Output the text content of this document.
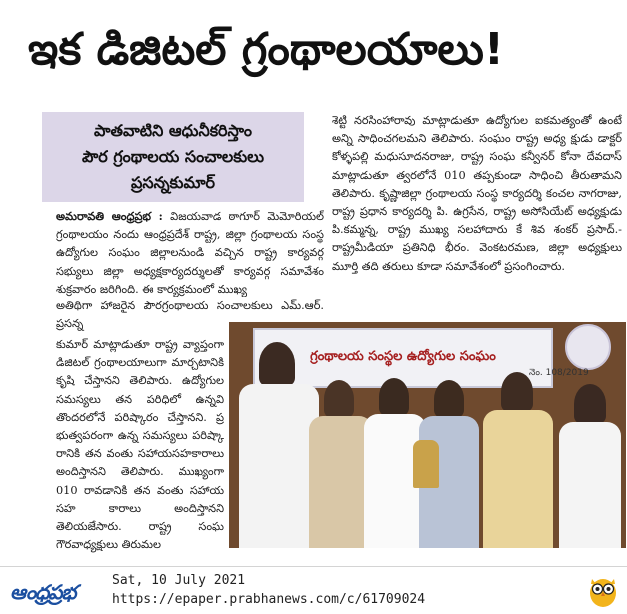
ఇక డిజిటల్ గ్రంథాలయాలు!
పాతవాటిని ఆధునీకరిస్తాం
పౌర గ్రంథాలయ సంచాలకులు
ప్రసన్నకుమార్

అమరావతి ఆంధ్రప్రభ : విజయవాడ ఠాగూర్ మెమోరియల్ గ్రంథాలయం నందు ఆంధ్రప్రదేశ్ రాష్ట్ర, జిల్లా గ్రంథాలయ సంస్థ ఉద్యోగుల సంఘం జిల్లాలనుండి వచ్చిన రాష్ట్ర కార్యవర్గ సభ్యులు జిల్లా అధ్యక్షకార్యదర్శులతో కార్యవర్గ సమావేశం శుక్రవారం జరిగింది. ఈ కార్యక్రమంలో ముఖ్య

అతిథిగా హాజరైన పౌరగ్రంథాలయ సంచాలకులు ఎమ్.ఆర్. ప్రసన్న

కుమార్ మాట్లాడుతూ రాష్ట్ర వ్యాప్తంగా డిజిటల్ గ్రంథాలయాలుగా మార్చటానికి కృషి చేస్తానని తెలిపారు. ఉద్యోగుల సమస్యలు తన పరిధిలో ఉన్నవి తొందరలోనే పరిష్కారం చేస్తానని. ప్ర భుత్వపరంగా ఉన్న సమస్యలు పరిష్కా రానికి తన వంతు సహాయసహకారాలు అందిస్తానని తెలిపారు. ముఖ్యంగా 010 రావడానికి తన వంతు సహాయ సహ కారాలు అందిస్తానని తెలియజేసారు. రాష్ట్ర సంఘ గౌరవాధ్యక్షులు తిరుమల

శెట్టి నరసింహారావు మాట్లాడుతూ ఉద్యోగుల ఐకమత్యంతో ఉంటే అన్ని సాధించగలమని తెలిపారు. సంఘం రాష్ట్ర అధ్య క్షుడు డాక్టర్ కోళ్ళపల్లి మధుసూదనరాజు, రాష్ట్ర సంఘ కన్వీనర్ కోనా దేవదాస్ మాట్లాడుతూ త్వరలోనే 010 తప్పకుండా సాధించి తీరుతామని తెలిపారు. కృష్ణాజిల్లా గ్రంథాలయ సంస్థ కార్యదర్శి కంచల నాగరాజు, రాష్ట్ర ప్రధాన కార్యదర్శి పి. ఉగ్రసేన, రాష్ట్ర అసోసియేట్ అధ్యక్షుడు పి.కమ్మన్న, రాష్ట్ర ముఖ్య సలహాదారు కే శివ శంకర్ ప్రసాద్.-రాష్ట్రమీడియా ప్రతినిధి భీరం. వెంకటరమణ, జిల్లా అధ్యక్షులు మూర్తి తది తరులు కూడా సమావేశంలో ప్రసంగించారు.

గ్రంథాలయ సంస్థల ఉద్యోగుల సంఘం
నెం. 108/2019
ఆంధ్రప్రభ	Sat, 10 July 2021
https://epaper.prabhanews.com/c/61709024
